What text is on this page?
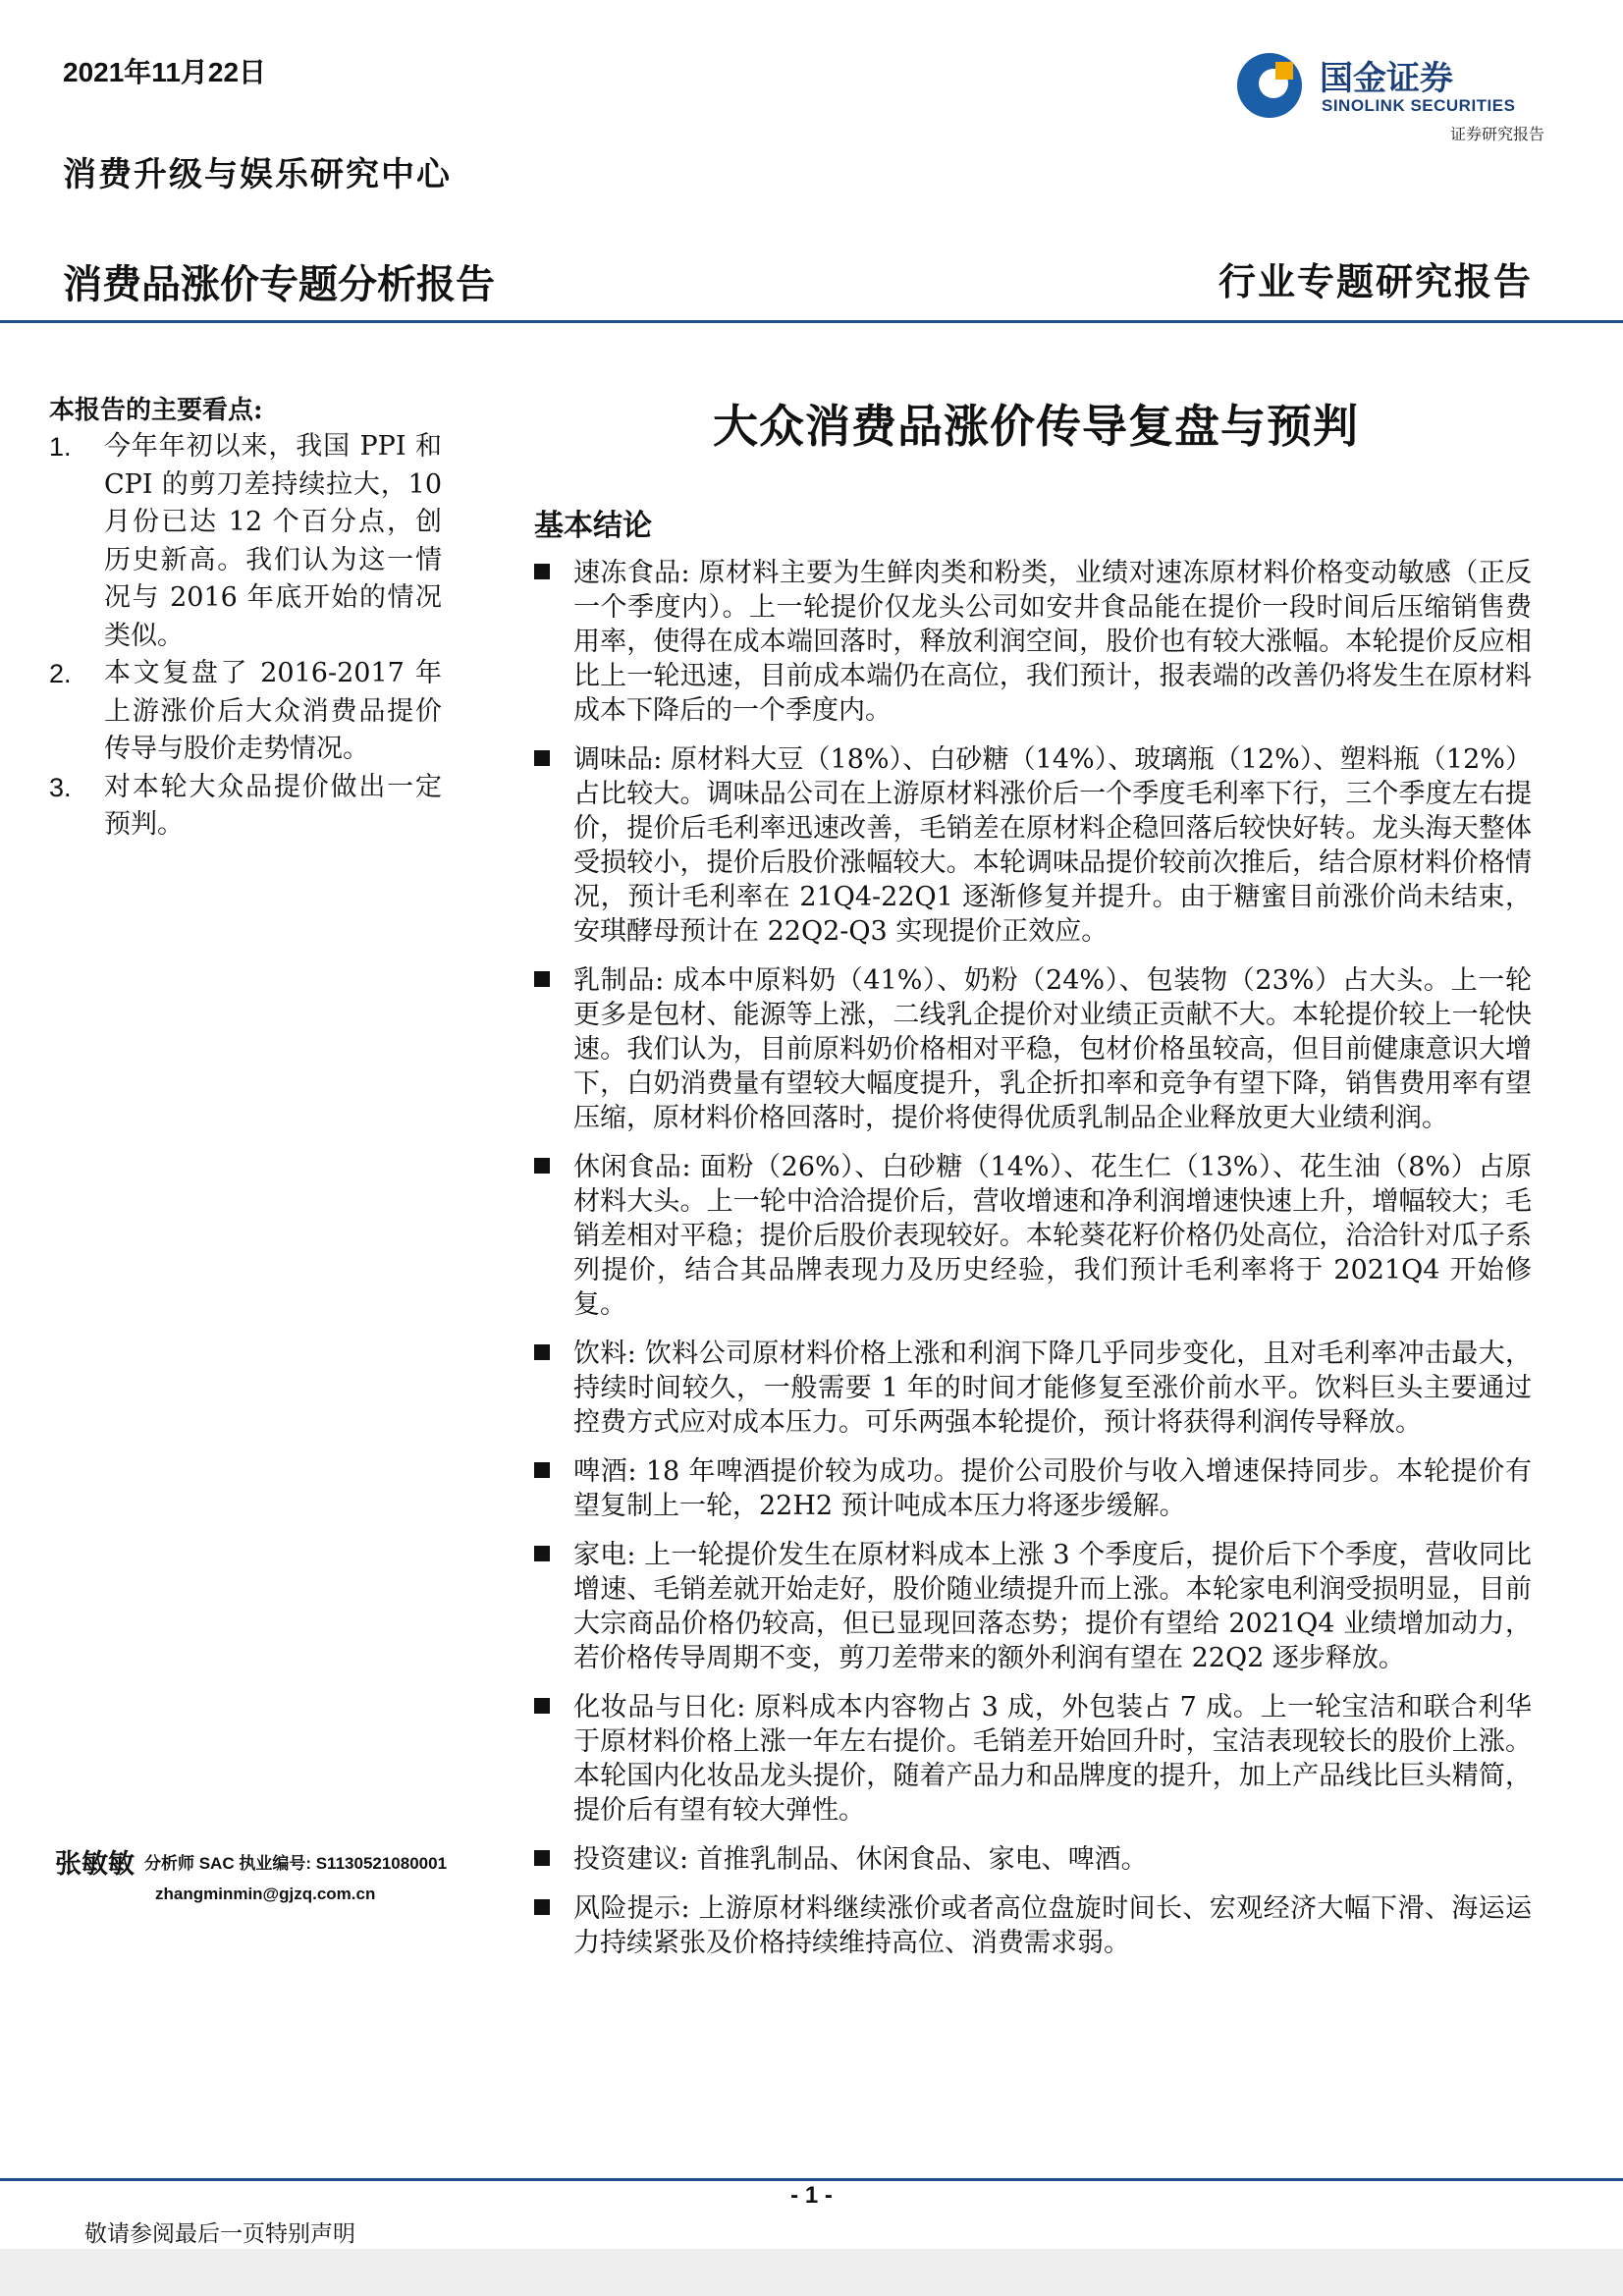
2021年11月22日
消费升级与娱乐研究中心
消费品涨价专题分析报告	行业专题研究报告
国金证券
SINOLINK SECURITIES
证券研究报告
本报告的主要看点:
1.	今年年初以来，我国 PPI 和 CPI 的剪刀差持续拉大，10 月份已达 12 个百分点，创历史新高。我们认为这一情况与 2016 年底开始的情况类似。
2.	本文复盘了 2016-2017 年上游涨价后大众消费品提价传导与股价走势情况。
3.	对本轮大众品提价做出一定预判。
张敏敏 分析师 SAC 执业编号: S1130521080001
zhangminmin@gjzq.com.cn
大众消费品涨价传导复盘与预判
基本结论
速冻食品: 原材料主要为生鲜肉类和粉类，业绩对速冻原材料价格变动敏感（正反一个季度内）。上一轮提价仅龙头公司如安井食品能在提价一段时间后压缩销售费用率，使得在成本端回落时，释放利润空间，股价也有较大涨幅。本轮提价反应相比上一轮迅速，目前成本端仍在高位，我们预计，报表端的改善仍将发生在原材料成本下降后的一个季度内。
调味品: 原材料大豆（18%）、白砂糖（14%）、玻璃瓶（12%）、塑料瓶（12%）占比较大。调味品公司在上游原材料涨价后一个季度毛利率下行，三个季度左右提价，提价后毛利率迅速改善，毛销差在原材料企稳回落后较快好转。龙头海天整体受损较小，提价后股价涨幅较大。本轮调味品提价较前次推后，结合原材料价格情况，预计毛利率在 21Q4-22Q1 逐渐修复并提升。由于糖蜜目前涨价尚未结束，安琪酵母预计在 22Q2-Q3 实现提价正效应。
乳制品: 成本中原料奶（41%）、奶粉（24%）、包装物（23%）占大头。上一轮更多是包材、能源等上涨，二线乳企提价对业绩正贡献不大。本轮提价较上一轮快速。我们认为，目前原料奶价格相对平稳，包材价格虽较高，但目前健康意识大增下，白奶消费量有望较大幅度提升，乳企折扣率和竞争有望下降，销售费用率有望压缩，原材料价格回落时，提价将使得优质乳制品企业释放更大业绩利润。
休闲食品: 面粉（26%）、白砂糖（14%）、花生仁（13%）、花生油（8%）占原材料大头。上一轮中洽洽提价后，营收增速和净利润增速快速上升，增幅较大；毛销差相对平稳；提价后股价表现较好。本轮葵花籽价格仍处高位，洽洽针对瓜子系列提价，结合其品牌表现力及历史经验，我们预计毛利率将于 2021Q4 开始修复。
饮料: 饮料公司原材料价格上涨和利润下降几乎同步变化，且对毛利率冲击最大，持续时间较久，一般需要 1 年的时间才能修复至涨价前水平。饮料巨头主要通过控费方式应对成本压力。可乐两强本轮提价，预计将获得利润传导释放。
啤酒: 18 年啤酒提价较为成功。提价公司股价与收入增速保持同步。本轮提价有望复制上一轮，22H2 预计吨成本压力将逐步缓解。
家电: 上一轮提价发生在原材料成本上涨 3 个季度后，提价后下个季度，营收同比增速、毛销差就开始走好，股价随业绩提升而上涨。本轮家电利润受损明显，目前大宗商品价格仍较高，但已显现回落态势；提价有望给 2021Q4 业绩增加动力，若价格传导周期不变，剪刀差带来的额外利润有望在 22Q2 逐步释放。
化妆品与日化: 原料成本内容物占 3 成，外包装占 7 成。上一轮宝洁和联合利华于原材料价格上涨一年左右提价。毛销差开始回升时，宝洁表现较长的股价上涨。本轮国内化妆品龙头提价，随着产品力和品牌度的提升，加上产品线比巨头精简，提价后有望有较大弹性。
投资建议: 首推乳制品、休闲食品、家电、啤酒。
风险提示: 上游原材料继续涨价或者高位盘旋时间长、宏观经济大幅下滑、海运运力持续紧张及价格持续维持高位、消费需求弱。
- 1 -
敬请参阅最后一页特别声明
